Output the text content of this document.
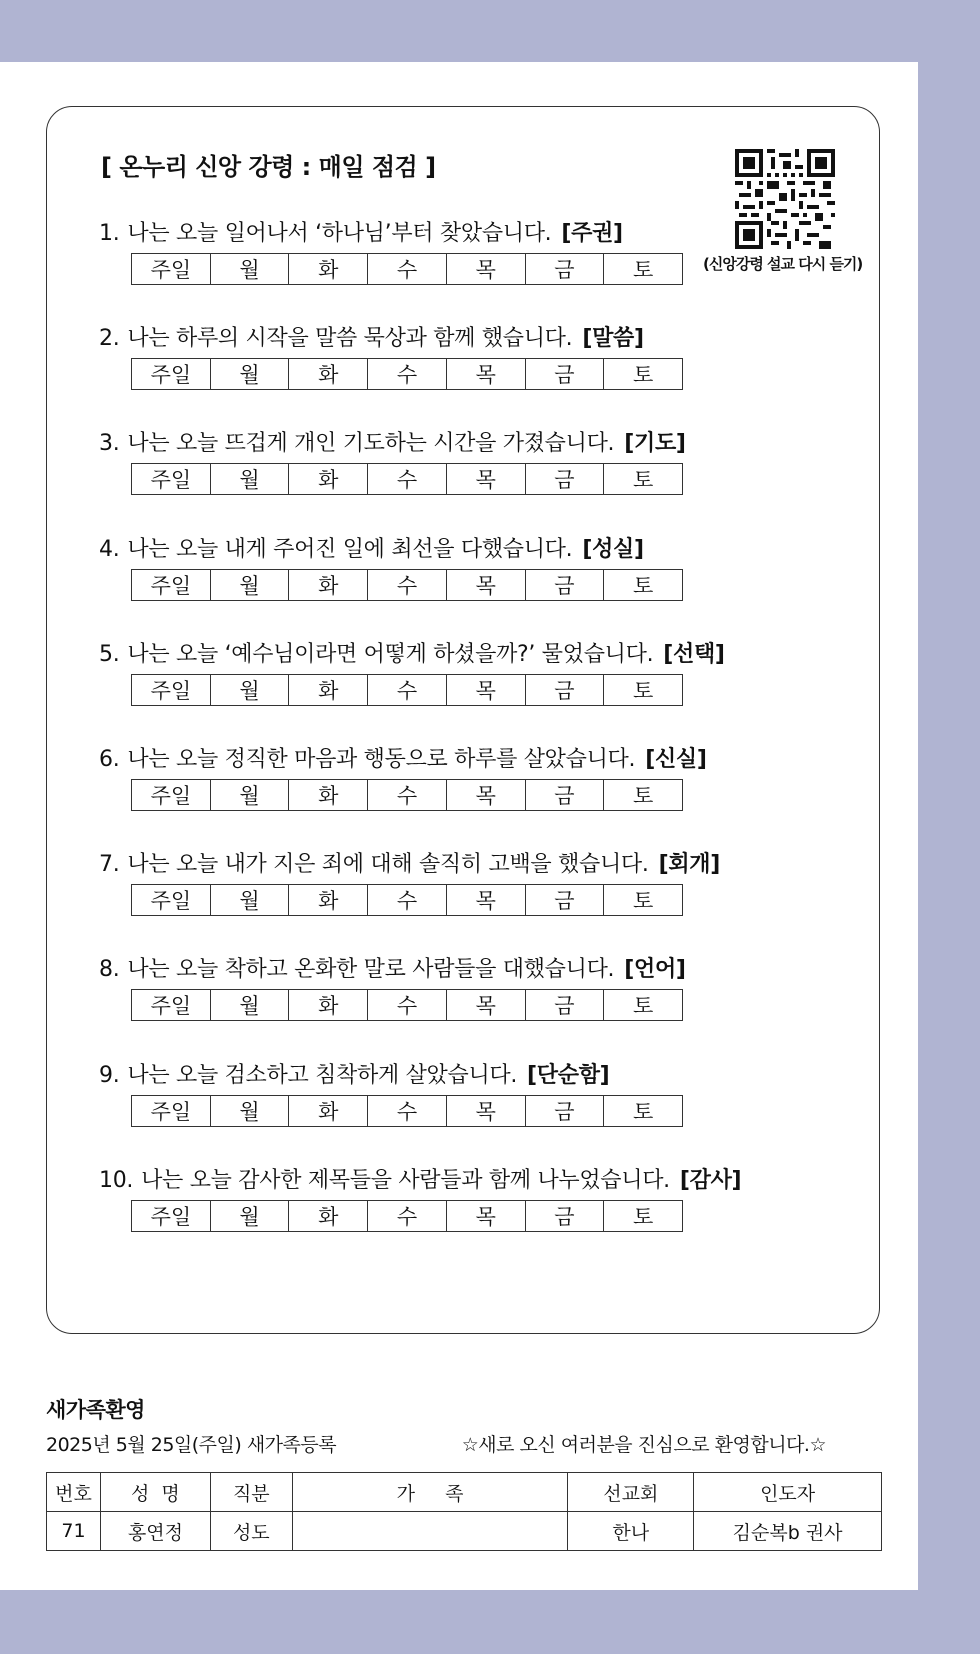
[ 온누리 신앙 강령 : 매일 점검 ]
(신앙강령 설교 다시 듣기)
1. 나는 오늘 일어나서 ‘하나님’부터 찾았습니다. [주권]
주일	월	화	수	목	금	토
2. 나는 하루의 시작을 말씀 묵상과 함께 했습니다. [말씀]
주일	월	화	수	목	금	토
3. 나는 오늘 뜨겁게 개인 기도하는 시간을 가졌습니다. [기도]
주일	월	화	수	목	금	토
4. 나는 오늘 내게 주어진 일에 최선을 다했습니다. [성실]
주일	월	화	수	목	금	토
5. 나는 오늘 ‘예수님이라면 어떻게 하셨을까?’ 물었습니다. [선택]
주일	월	화	수	목	금	토
6. 나는 오늘 정직한 마음과 행동으로 하루를 살았습니다. [신실]
주일	월	화	수	목	금	토
7. 나는 오늘 내가 지은 죄에 대해 솔직히 고백을 했습니다. [회개]
주일	월	화	수	목	금	토
8. 나는 오늘 착하고 온화한 말로 사람들을 대했습니다. [언어]
주일	월	화	수	목	금	토
9. 나는 오늘 검소하고 침착하게 살았습니다. [단순함]
주일	월	화	수	목	금	토
10. 나는 오늘 감사한 제목들을 사람들과 함께 나누었습니다. [감사]
주일	월	화	수	목	금	토
새가족환영
2025년 5월 25일(주일) 새가족등록	☆새로 오신 여러분을 진심으로 환영합니다.☆
번호	성  명	직분	가     족	선교회	인도자
71	홍연정	성도		한나	김순복b 권사
